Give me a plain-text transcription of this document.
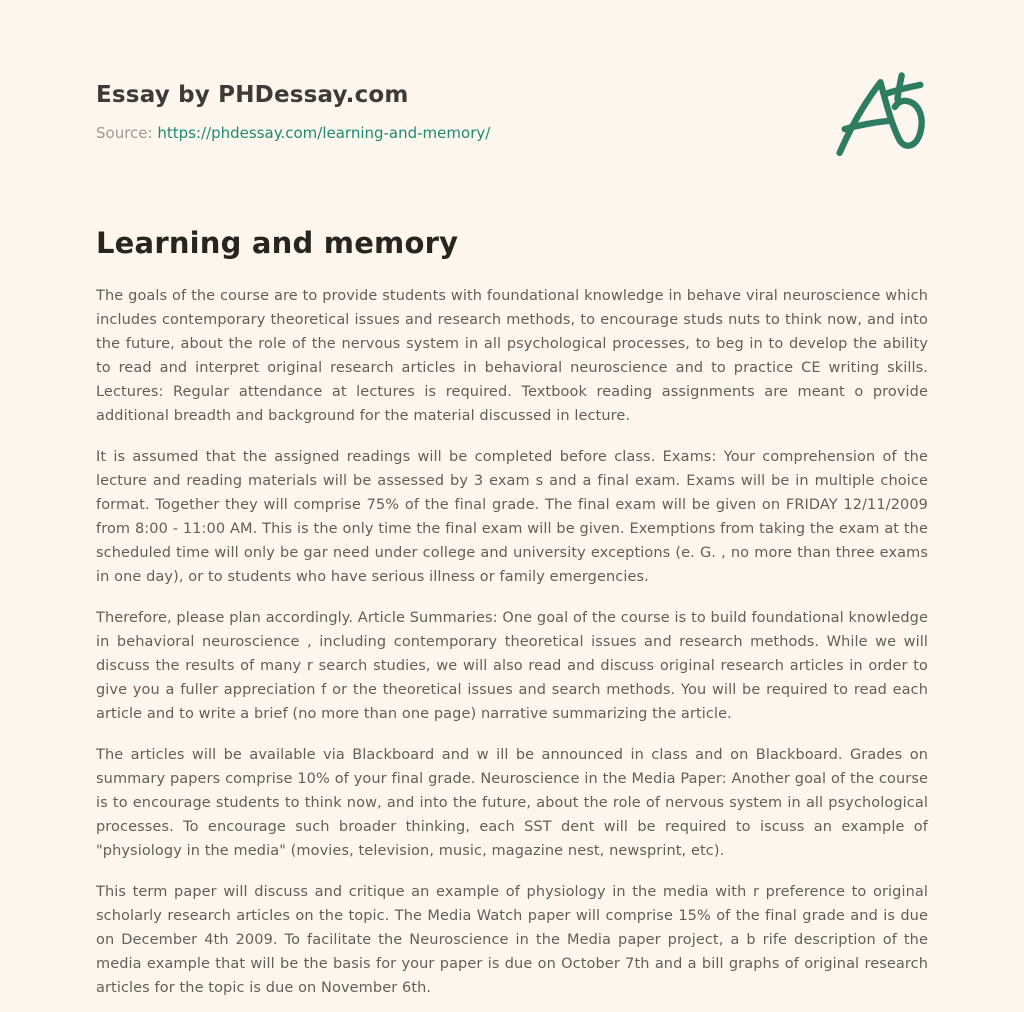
Essay by PHDessay.com
Source: https://phdessay.com/learning-and-memory/
Learning and memory

The goals of the course are to provide students with foundational knowledge in behave viral neuroscience which includes contemporary theoretical issues and research methods, to encourage studs nuts to think now, and into the future, about the role of the nervous system in all psychological processes, to beg in to develop the ability to read and interpret original research articles in behavioral neuroscience and to practice CE writing skills. Lectures: Regular attendance at lectures is required. Textbook reading assignments are meant o provide additional breadth and background for the material discussed in lecture.

It is assumed that the assigned readings will be completed before class. Exams: Your comprehension of the lecture and reading materials will be assessed by 3 exam s and a final exam. Exams will be in multiple choice format. Together they will comprise 75% of the final grade. The final exam will be given on FRIDAY 12/11/2009 from 8:00 - 11:00 AM. This is the only time the final exam will be given. Exemptions from taking the exam at the scheduled time will only be gar need under college and university exceptions (e. G. , no more than three exams in one day), or to students who have serious illness or family emergencies.

Therefore, please plan accordingly. Article Summaries: One goal of the course is to build foundational knowledge in behavioral neuroscience , including contemporary theoretical issues and research methods. While we will discuss the results of many r search studies, we will also read and discuss original research articles in order to give you a fuller appreciation f or the theoretical issues and search methods. You will be required to read each article and to write a brief (no more than one page) narrative summarizing the article.

The articles will be available via Blackboard and w ill be announced in class and on Blackboard. Grades on summary papers comprise 10% of your final grade. Neuroscience in the Media Paper: Another goal of the course is to encourage students to think now, and into the future, about the role of nervous system in all psychological processes. To encourage such broader thinking, each SST dent will be required to iscuss an example of "physiology in the media" (movies, television, music, magazine nest, newsprint, etc).

This term paper will discuss and critique an example of physiology in the media with r preference to original scholarly research articles on the topic. The Media Watch paper will comprise 15% of the final grade and is due on December 4th 2009. To facilitate the Neuroscience in the Media paper project, a b rife description of the media example that will be the basis for your paper is due on October 7th and a bill graphs of original research articles for the topic is due on November 6th.
